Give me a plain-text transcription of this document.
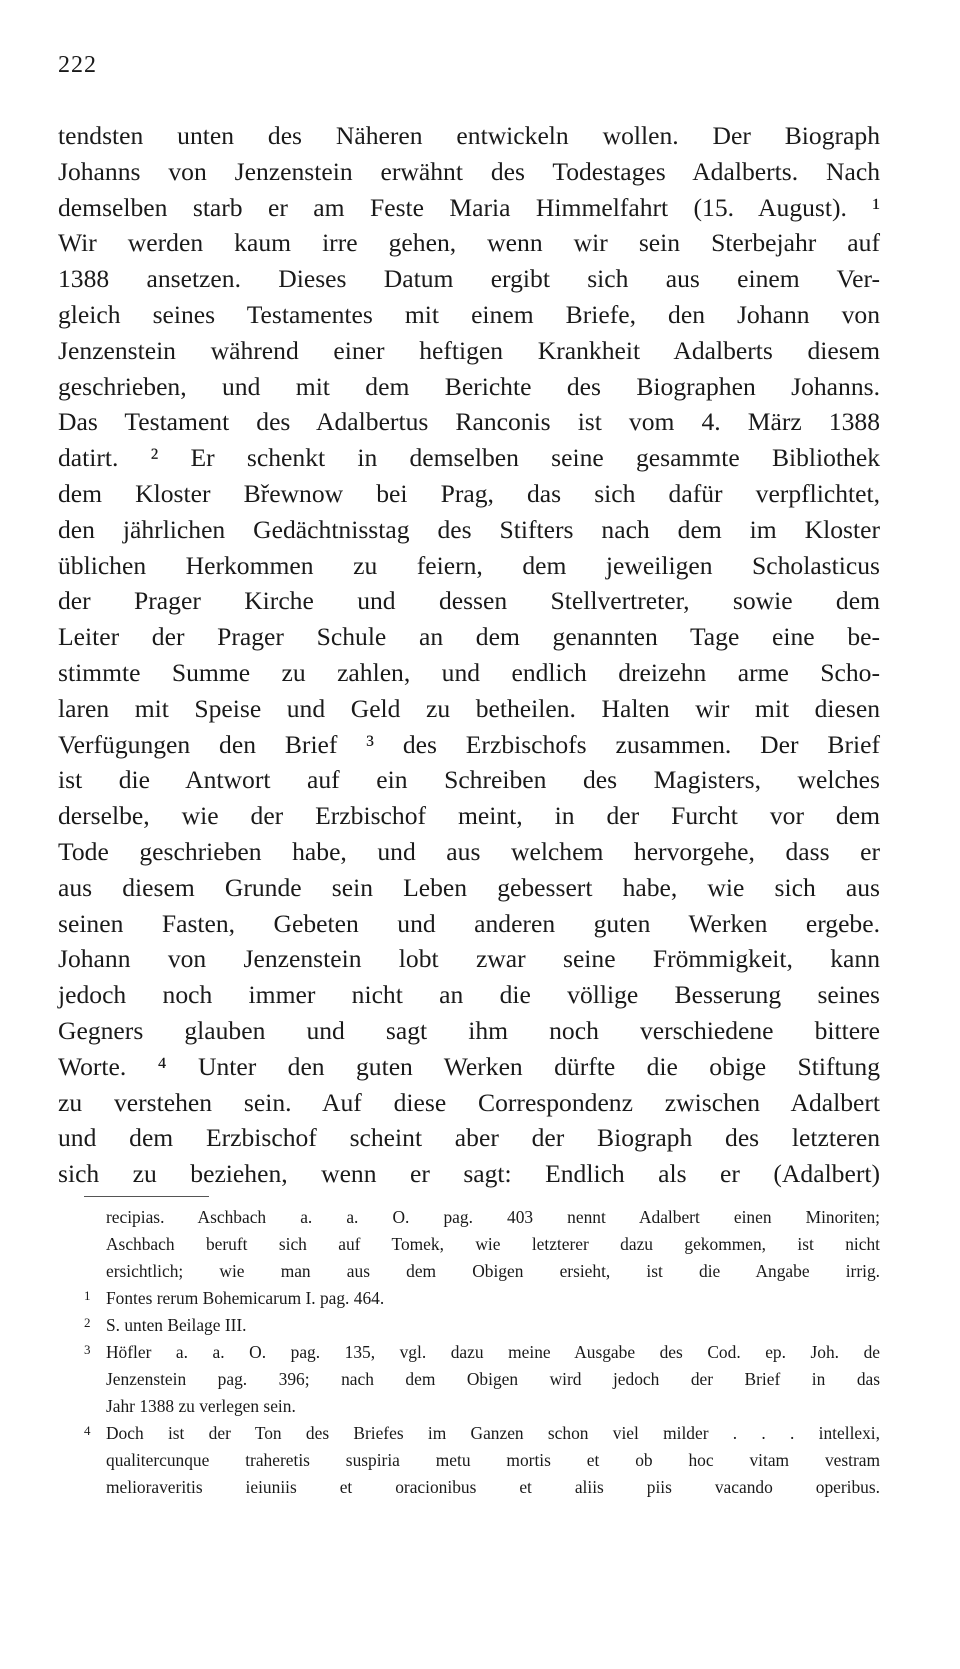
222
tendsten unten des Näheren entwickeln wollen. Der Biograph
Johanns von Jenzenstein erwähnt des Todestages Adalberts. Nach
demselben starb er am Feste Maria Himmelfahrt (15. August). ¹
Wir werden kaum irre gehen, wenn wir sein Sterbejahr auf
1388 ansetzen. Dieses Datum ergibt sich aus einem Ver-
gleich seines Testamentes mit einem Briefe, den Johann von
Jenzenstein während einer heftigen Krankheit Adalberts diesem
geschrieben, und mit dem Berichte des Biographen Johanns.
Das Testament des Adalbertus Ranconis ist vom 4. März 1388
datirt. ² Er schenkt in demselben seine gesammte Bibliothek
dem Kloster Břewnow bei Prag, das sich dafür verpflichtet,
den jährlichen Gedächtnisstag des Stifters nach dem im Kloster
üblichen Herkommen zu feiern, dem jeweiligen Scholasticus
der Prager Kirche und dessen Stellvertreter, sowie dem
Leiter der Prager Schule an dem genannten Tage eine be-
stimmte Summe zu zahlen, und endlich dreizehn arme Scho-
laren mit Speise und Geld zu betheilen. Halten wir mit diesen
Verfügungen den Brief ³ des Erzbischofs zusammen. Der Brief
ist die Antwort auf ein Schreiben des Magisters, welches
derselbe, wie der Erzbischof meint, in der Furcht vor dem
Tode geschrieben habe, und aus welchem hervorgehe, dass er
aus diesem Grunde sein Leben gebessert habe, wie sich aus
seinen Fasten, Gebeten und anderen guten Werken ergebe.
Johann von Jenzenstein lobt zwar seine Frömmigkeit, kann
jedoch noch immer nicht an die völlige Besserung seines
Gegners glauben und sagt ihm noch verschiedene bittere
Worte. ⁴ Unter den guten Werken dürfte die obige Stiftung
zu verstehen sein. Auf diese Correspondenz zwischen Adalbert
und dem Erzbischof scheint aber der Biograph des letzteren
sich zu beziehen, wenn er sagt: Endlich als er (Adalbert)
recipias. Aschbach a. a. O. pag. 403 nennt Adalbert einen Minoriten;
Aschbach beruft sich auf Tomek, wie letzterer dazu gekommen, ist nicht
ersichtlich; wie man aus dem Obigen ersieht, ist die Angabe irrig.
1 Fontes rerum Bohemicarum I. pag. 464.
2 S. unten Beilage III.
3 Höfler a. a. O. pag. 135, vgl. dazu meine Ausgabe des Cod. ep. Joh. de
Jenzenstein pag. 396; nach dem Obigen wird jedoch der Brief in das
Jahr 1388 zu verlegen sein.
4 Doch ist der Ton des Briefes im Ganzen schon viel milder . . . intellexi,
qualitercunque traheretis suspiria metu mortis et ob hoc vitam vestram
melioraveritis ieiuniis et oracionibus et aliis piis vacando operibus.
